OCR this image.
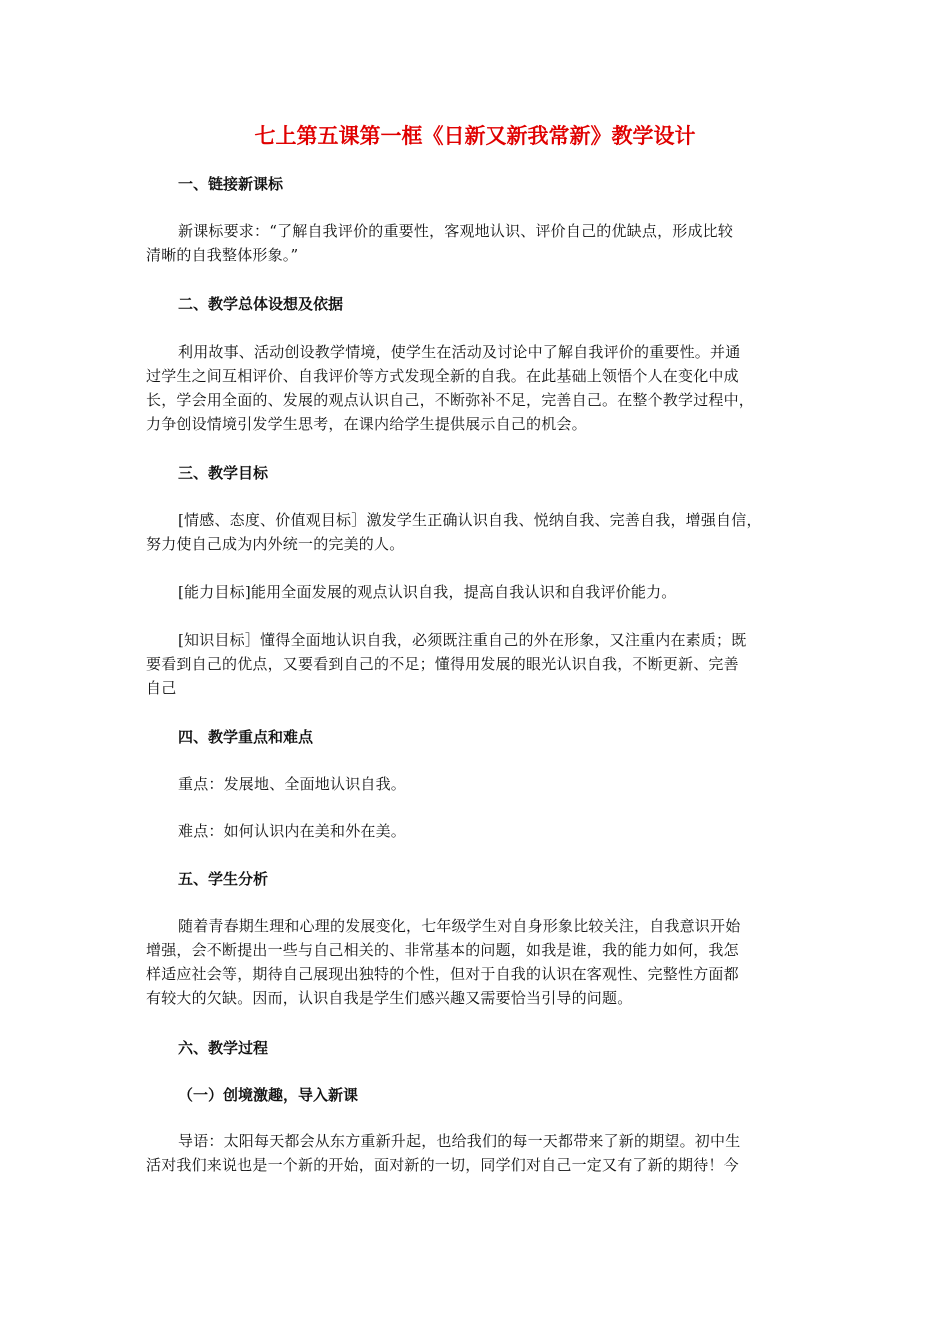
七上第五课第一框《日新又新我常新》教学设计

一、链接新课标

新课标要求：“了解自我评价的重要性，客观地认识、评价自己的优缺点，形成比较
清晰的自我整体形象。”

二、教学总体设想及依据

利用故事、活动创设教学情境，使学生在活动及讨论中了解自我评价的重要性。并通
过学生之间互相评价、自我评价等方式发现全新的自我。在此基础上领悟个人在变化中成
长，学会用全面的、发展的观点认识自己，不断弥补不足，完善自己。在整个教学过程中，
力争创设情境引发学生思考，在课内给学生提供展示自己的机会。

三、教学目标

[情感、态度、价值观目标］激发学生正确认识自我、悦纳自我、完善自我，增强自信，
努力使自己成为内外统一的完美的人。

[能力目标]能用全面发展的观点认识自我，提高自我认识和自我评价能力。

[知识目标］懂得全面地认识自我，必须既注重自己的外在形象，又注重内在素质；既
要看到自己的优点，又要看到自己的不足；懂得用发展的眼光认识自我，不断更新、完善
自己

四、教学重点和难点

重点：发展地、全面地认识自我。

难点：如何认识内在美和外在美。

五、学生分析

随着青春期生理和心理的发展变化，七年级学生对自身形象比较关注，自我意识开始
增强，会不断提出一些与自己相关的、非常基本的问题，如我是谁，我的能力如何，我怎
样适应社会等，期待自己展现出独特的个性，但对于自我的认识在客观性、完整性方面都
有较大的欠缺。因而，认识自我是学生们感兴趣又需要恰当引导的问题。

六、教学过程

（一）创境激趣，导入新课

导语：太阳每天都会从东方重新升起，也给我们的每一天都带来了新的期望。初中生
活对我们来说也是一个新的开始，面对新的一切，同学们对自己一定又有了新的期待！今
